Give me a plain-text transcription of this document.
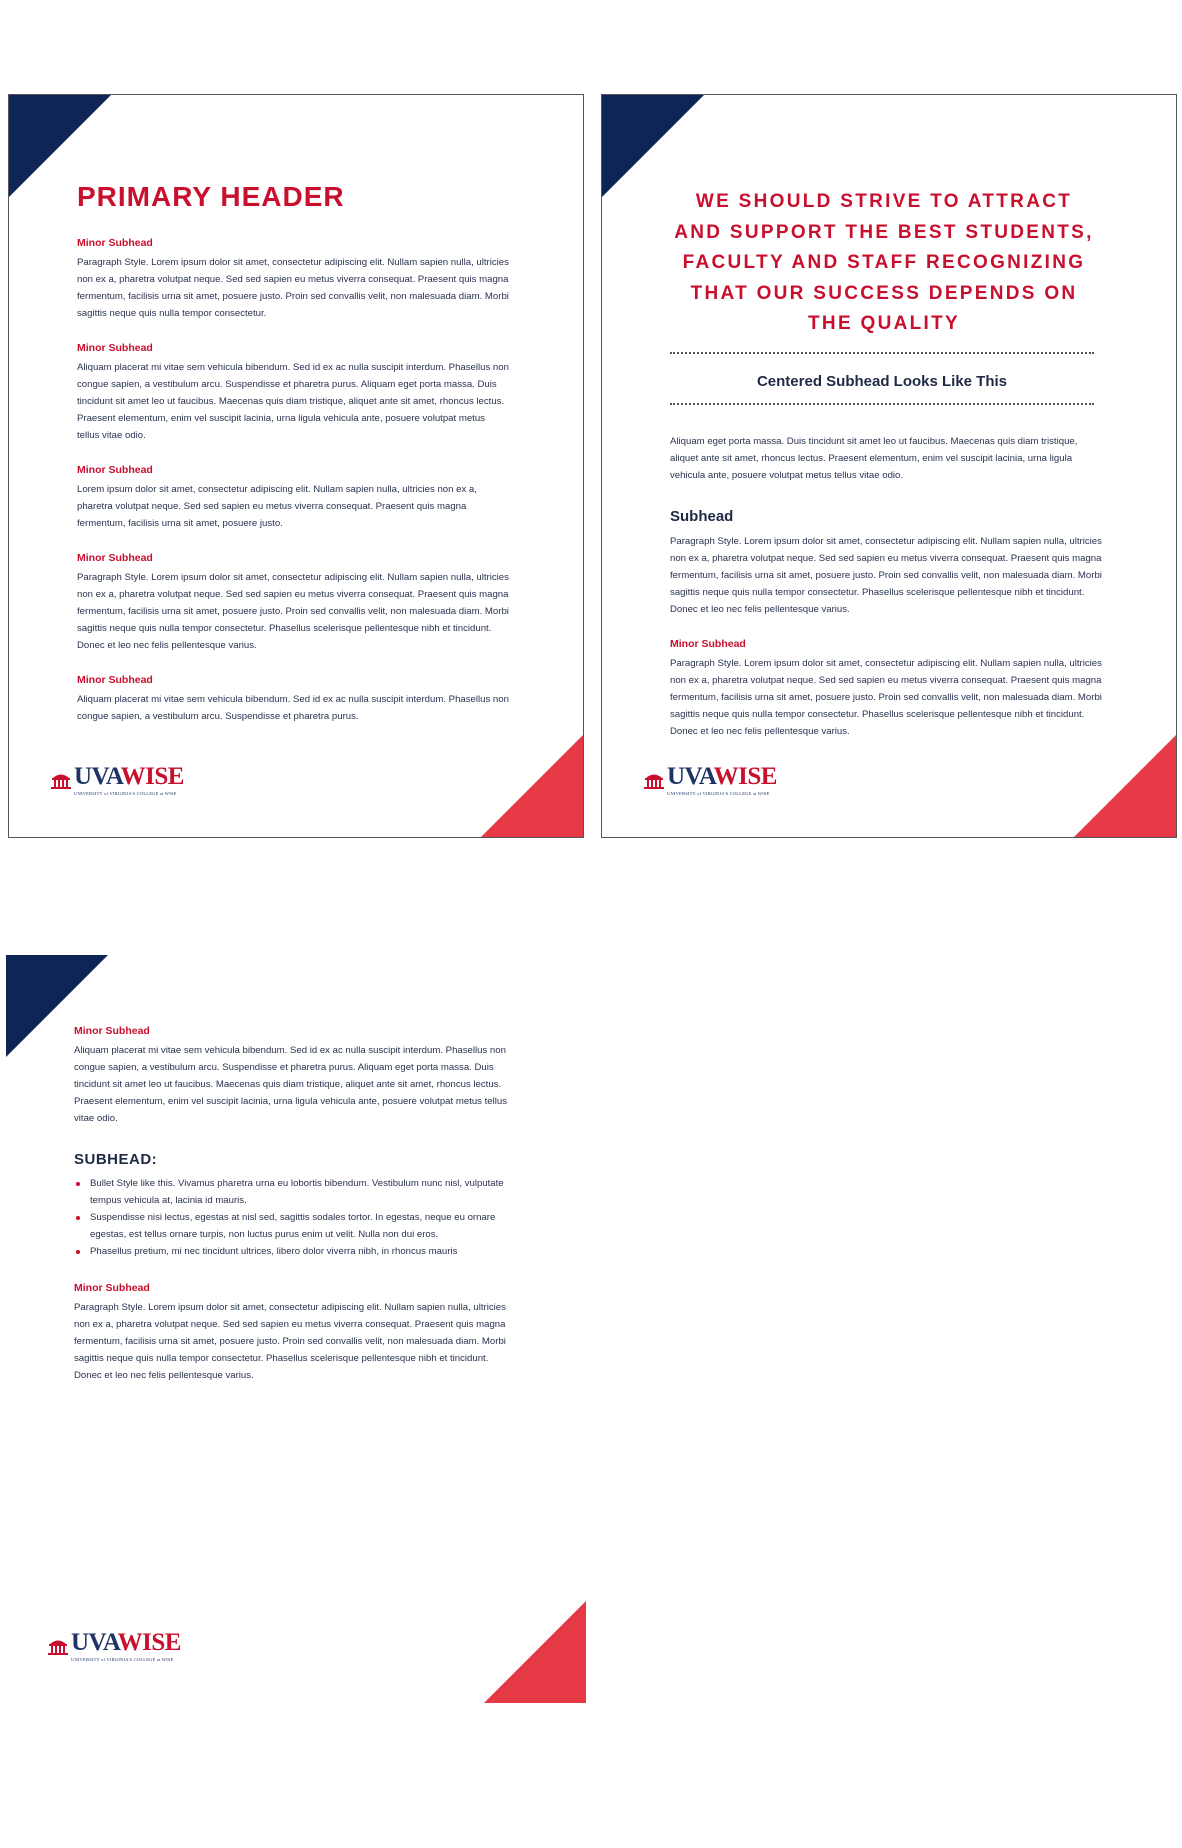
PRIMARY HEADER

Minor Subhead

Paragraph Style. Lorem ipsum dolor sit amet, consectetur adipiscing elit. Nullam sapien nulla, ultricies non ex a, pharetra volutpat neque. Sed sed sapien eu metus viverra consequat. Praesent quis magna fermentum, facilisis urna sit amet, posuere justo. Proin sed convallis velit, non malesuada diam. Morbi sagittis neque quis nulla tempor consectetur.

Minor Subhead

Aliquam placerat mi vitae sem vehicula bibendum. Sed id ex ac nulla suscipit interdum. Phasellus non congue sapien, a vestibulum arcu. Suspendisse et pharetra purus. Aliquam eget porta massa. Duis tincidunt sit amet leo ut faucibus. Maecenas quis diam tristique, aliquet ante sit amet, rhoncus lectus. Praesent elementum, enim vel suscipit lacinia, urna ligula vehicula ante, posuere volutpat metus tellus vitae odio.

Minor Subhead

Lorem ipsum dolor sit amet, consectetur adipiscing elit. Nullam sapien nulla, ultricies non ex a, pharetra volutpat neque. Sed sed sapien eu metus viverra consequat. Praesent quis magna fermentum, facilisis urna sit amet, posuere justo.

Minor Subhead

Paragraph Style. Lorem ipsum dolor sit amet, consectetur adipiscing elit. Nullam sapien nulla, ultricies non ex a, pharetra volutpat neque. Sed sed sapien eu metus viverra consequat. Praesent quis magna fermentum, facilisis urna sit amet, posuere justo. Proin sed convallis velit, non malesuada diam. Morbi sagittis neque quis nulla tempor consectetur. Phasellus scelerisque pellentesque nibh et tincidunt. Donec et leo nec felis pellentesque varius.

Minor Subhead

Aliquam placerat mi vitae sem vehicula bibendum. Sed id ex ac nulla suscipit interdum. Phasellus non congue sapien, a vestibulum arcu. Suspendisse et pharetra purus.

UVAWISE
UNIVERSITY of VIRGINIA'S COLLEGE at WISE
WE SHOULD STRIVE TO ATTRACT AND SUPPORT THE BEST STUDENTS, FACULTY AND STAFF RECOGNIZING THAT OUR SUCCESS DEPENDS ON THE QUALITY
Centered Subhead Looks Like This

Aliquam eget porta massa. Duis tincidunt sit amet leo ut faucibus. Maecenas quis diam tristique, aliquet ante sit amet, rhoncus lectus. Praesent elementum, enim vel suscipit lacinia, urna ligula vehicula ante, posuere volutpat metus tellus vitae odio.

Subhead

Paragraph Style. Lorem ipsum dolor sit amet, consectetur adipiscing elit. Nullam sapien nulla, ultricies non ex a, pharetra volutpat neque. Sed sed sapien eu metus viverra consequat. Praesent quis magna fermentum, facilisis urna sit amet, posuere justo. Proin sed convallis velit, non malesuada diam. Morbi sagittis neque quis nulla tempor consectetur. Phasellus scelerisque pellentesque nibh et tincidunt. Donec et leo nec felis pellentesque varius.

Minor Subhead

Paragraph Style. Lorem ipsum dolor sit amet, consectetur adipiscing elit. Nullam sapien nulla, ultricies non ex a, pharetra volutpat neque. Sed sed sapien eu metus viverra consequat. Praesent quis magna fermentum, facilisis urna sit amet, posuere justo. Proin sed convallis velit, non malesuada diam. Morbi sagittis neque quis nulla tempor consectetur. Phasellus scelerisque pellentesque nibh et tincidunt. Donec et leo nec felis pellentesque varius.

UVAWISE
UNIVERSITY of VIRGINIA'S COLLEGE at WISE

Minor Subhead

Aliquam placerat mi vitae sem vehicula bibendum. Sed id ex ac nulla suscipit interdum. Phasellus non congue sapien, a vestibulum arcu. Suspendisse et pharetra purus. Aliquam eget porta massa. Duis tincidunt sit amet leo ut faucibus. Maecenas quis diam tristique, aliquet ante sit amet, rhoncus lectus. Praesent elementum, enim vel suscipit lacinia, urna ligula vehicula ante, posuere volutpat metus tellus vitae odio.

SUBHEAD:

Bullet Style like this. Vivamus pharetra urna eu lobortis bibendum. Vestibulum nunc nisl, vulputate tempus vehicula at, lacinia id mauris.
Suspendisse nisi lectus, egestas at nisl sed, sagittis sodales tortor. In egestas, neque eu ornare egestas, est tellus ornare turpis, non luctus purus enim ut velit. Nulla non dui eros.
Phasellus pretium, mi nec tincidunt ultrices, libero dolor viverra nibh, in rhoncus mauris

Minor Subhead

Paragraph Style. Lorem ipsum dolor sit amet, consectetur adipiscing elit. Nullam sapien nulla, ultricies non ex a, pharetra volutpat neque. Sed sed sapien eu metus viverra consequat. Praesent quis magna fermentum, facilisis urna sit amet, posuere justo. Proin sed convallis velit, non malesuada diam. Morbi sagittis neque quis nulla tempor consectetur. Phasellus scelerisque pellentesque nibh et tincidunt. Donec et leo nec felis pellentesque varius.

UVAWISE
UNIVERSITY of VIRGINIA'S COLLEGE at WISE
